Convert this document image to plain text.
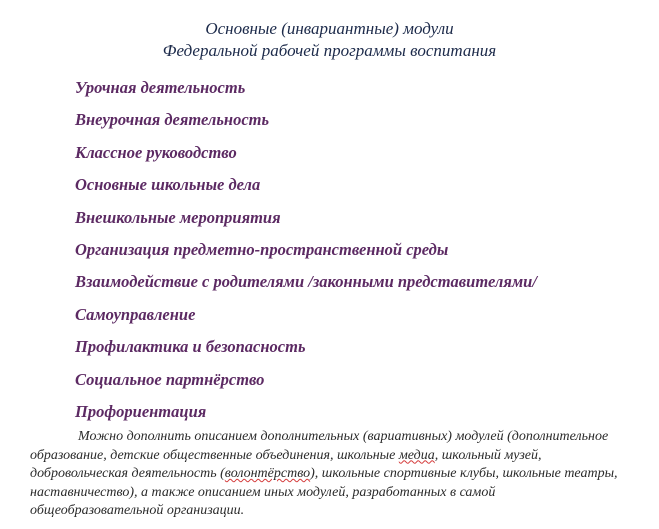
Основные (инвариантные) модули
Федеральной рабочей программы воспитания
Урочная деятельность
Внеурочная деятельность
Классное руководство
Основные школьные дела
Внешкольные мероприятия
Организация предметно-пространственной среды
Взаимодействие с родителями /законными представителями/
Самоуправление
Профилактика и безопасность
Социальное партнёрство
Профориентация

Можно дополнить описанием дополнительных (вариативных) модулей (дополнительное образование, детские общественные объединения, школьные медиа, школьный музей, добровольческая деятельность (волонтёрство), школьные спортивные клубы, школьные театры, наставничество), а также описанием иных модулей, разработанных в самой общеобразовательной организации.
